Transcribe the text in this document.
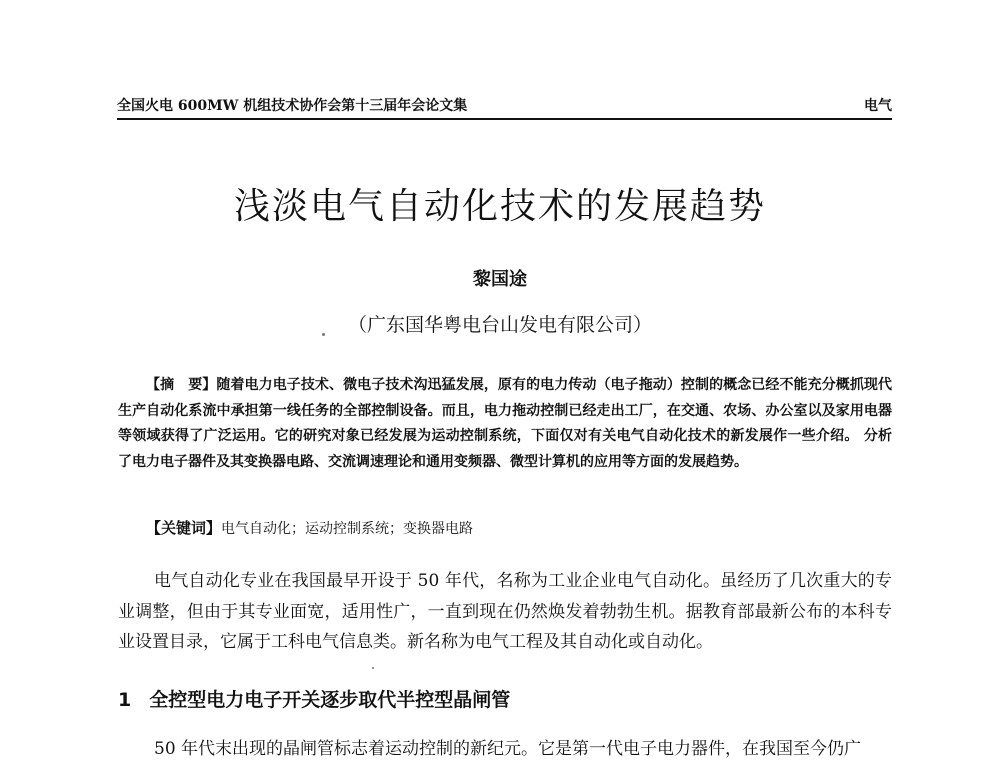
全国火电 600MW 机组技术协作会第十三届年会论文集	电气
浅淡电气自动化技术的发展趋势
黎国途
（广东国华粤电台山发电有限公司）
【摘　要】随着电力电子技术、微电子技术沟迅猛发展，原有的电力传动（电子拖动）控制的概念已经不能充分概抓现代生产自动化系流中承担第一线任务的全部控制设备。而且，电力拖动控制已经走出工厂，在交通、农场、办公室以及家用电器等领域获得了广泛运用。它的研究对象已经发展为运动控制系统，下面仅对有关电气自动化技术的新发展作一些介绍。 分析了电力电子器件及其变换器电路、交流调速理论和通用变频器、微型计算机的应用等方面的发展趋势。
【关键词】电气自动化；运动控制系统；变换器电路
电气自动化专业在我国最早开设于 50 年代，名称为工业企业电气自动化。虽经历了几次重大的专业调整，但由于其专业面宽，适用性广，一直到现在仍然焕发着勃勃生机。据教育部最新公布的本科专业设置目录，它属于工科电气信息类。新名称为电气工程及其自动化或自动化。
1 全控型电力电子开关逐步取代半控型晶闸管
50 年代末出现的晶闸管标志着运动控制的新纪元。它是第一代电子电力器件，在我国至今仍广
